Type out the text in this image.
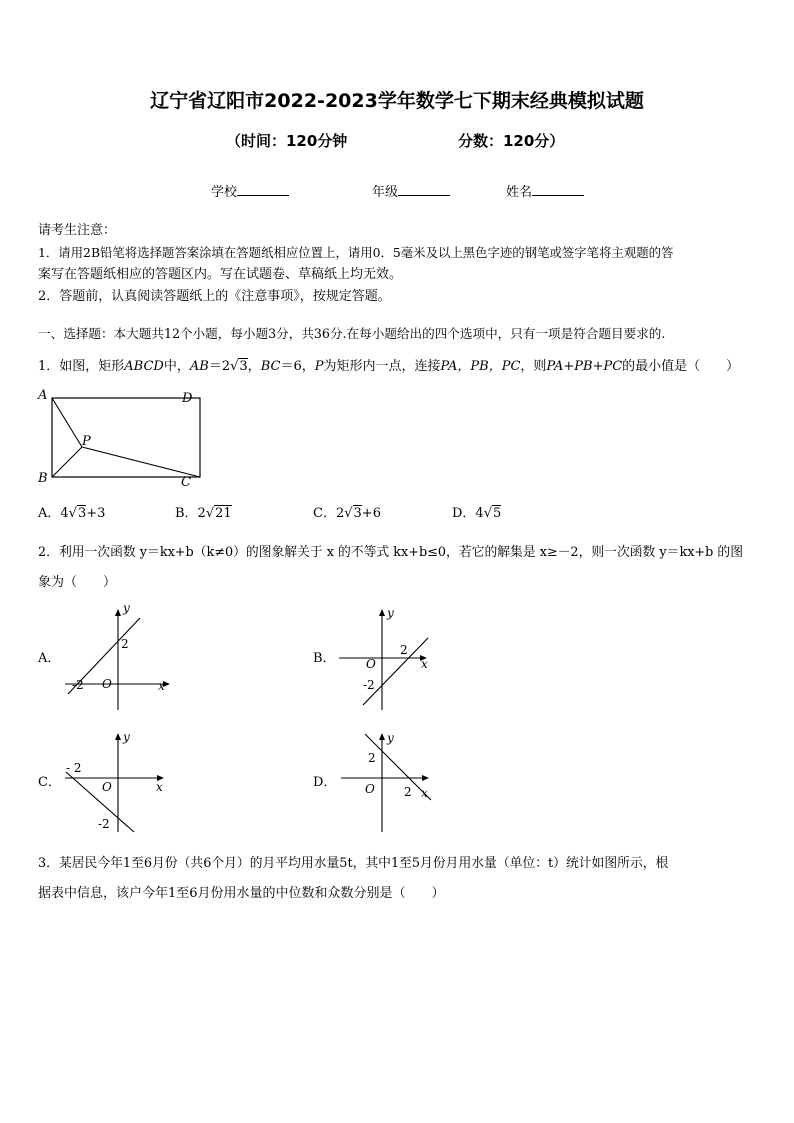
辽宁省辽阳市2022-2023学年数学七下期末经典模拟试题
（时间：120分钟	分数：120分）
学校	年级	姓名
请考生注意：
1．请用2B铅笔将选择题答案涂填在答题纸相应位置上，请用0．5毫米及以上黑色字迹的钢笔或签字笔将主观题的答
案写在答题纸相应的答题区内。写在试题卷、草稿纸上均无效。
2．答题前，认真阅读答题纸上的《注意事项》，按规定答题。
一、选择题：本大题共12个小题，每小题3分，共36分.在每小题给出的四个选项中，只有一项是符合题目要求的.
1．如图，矩形ABCD中，AB＝2√3，BC＝6，P为矩形内一点，连接PA，PB，PC，则PA+PB+PC的最小值是（　　）
A	D
B	C
P
A．4√3+3	B．2√21	C．2√3+6	D．4√5
2．利用一次函数 y＝kx+b（k≠0）的图象解关于 x 的不等式 kx+b≤0，若它的解集是 x≥－2，则一次函数 y＝kx+b 的图
象为（　　）
A．
y
x
O
2
-2
B．
y
x
O
2
-2
C．
y
x
O
- 2
-2
D．
y
x
O
2
2
3．某居民今年1至6月份（共6个月）的月平均用水量5t，其中1至5月份月用水量（单位：t）统计如图所示，根
据表中信息，该户今年1至6月份用水量的中位数和众数分别是（　　）
